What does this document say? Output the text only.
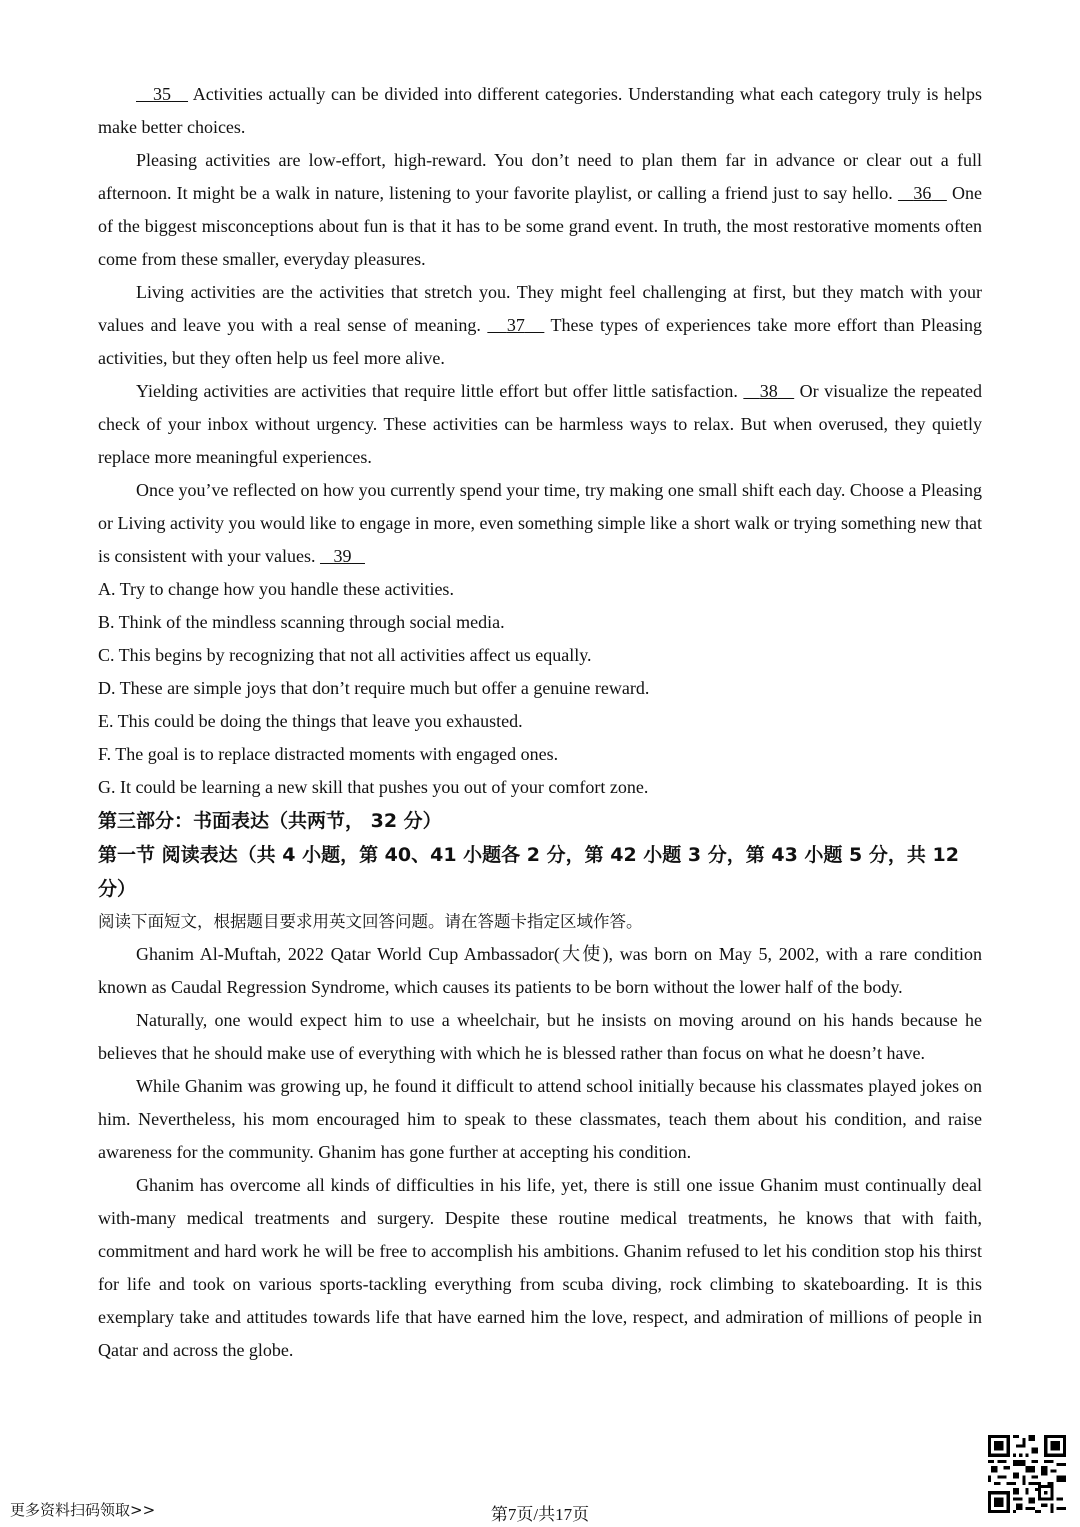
35 Activities actually can be divided into different categories. Understanding what each category truly is helps make better choices.

Pleasing activities are low-effort, high-reward. You don’t need to plan them far in advance or clear out a full afternoon. It might be a walk in nature, listening to your favorite playlist, or calling a friend just to say hello. 36 One of the biggest misconceptions about fun is that it has to be some grand event. In truth, the most restorative moments often come from these smaller, everyday pleasures.

Living activities are the activities that stretch you. They might feel challenging at first, but they match with your values and leave you with a real sense of meaning. 37 These types of experiences take more effort than Pleasing activities, but they often help us feel more alive.

Yielding activities are activities that require little effort but offer little satisfaction. 38 Or visualize the repeated check of your inbox without urgency. These activities can be harmless ways to relax. But when overused, they quietly replace more meaningful experiences.

Once you’ve reflected on how you currently spend your time, try making one small shift each day. Choose a Pleasing or Living activity you would like to engage in more, even something simple like a short walk or trying something new that is consistent with your values. 39

A. Try to change how you handle these activities.

B. Think of the mindless scanning through social media.

C. This begins by recognizing that not all activities affect us equally.

D. These are simple joys that don’t require much but offer a genuine reward.

E. This could be doing the things that leave you exhausted.

F. The goal is to replace distracted moments with engaged ones.

G. It could be learning a new skill that pushes you out of your comfort zone.

第三部分：书面表达（共两节， 32 分）

第一节 阅读表达（共 4 小题，第 40、41 小题各 2 分，第 42 小题 3 分，第 43 小题 5 分，共 12 分）

阅读下面短文，根据题目要求用英文回答问题。请在答题卡指定区域作答。

Ghanim Al-Muftah, 2022 Qatar World Cup Ambassador(大使), was born on May 5, 2002, with a rare condition known as Caudal Regression Syndrome, which causes its patients to be born without the lower half of the body.

Naturally, one would expect him to use a wheelchair, but he insists on moving around on his hands because he believes that he should make use of everything with which he is blessed rather than focus on what he doesn’t have.

While Ghanim was growing up, he found it difficult to attend school initially because his classmates played jokes on him. Nevertheless, his mom encouraged him to speak to these classmates, teach them about his condition, and raise awareness for the community. Ghanim has gone further at accepting his condition.

Ghanim has overcome all kinds of difficulties in his life, yet, there is still one issue Ghanim must continually deal with-many medical treatments and surgery. Despite these routine medical treatments, he knows that with faith, commitment and hard work he will be free to accomplish his ambitions. Ghanim refused to let his condition stop his thirst for life and took on various sports-tackling everything from scuba diving, rock climbing to skateboarding. It is this exemplary take and attitudes towards life that have earned him the love, respect, and admiration of millions of people in Qatar and across the globe.

更多资料扫码领取>>	第7页/共17页
